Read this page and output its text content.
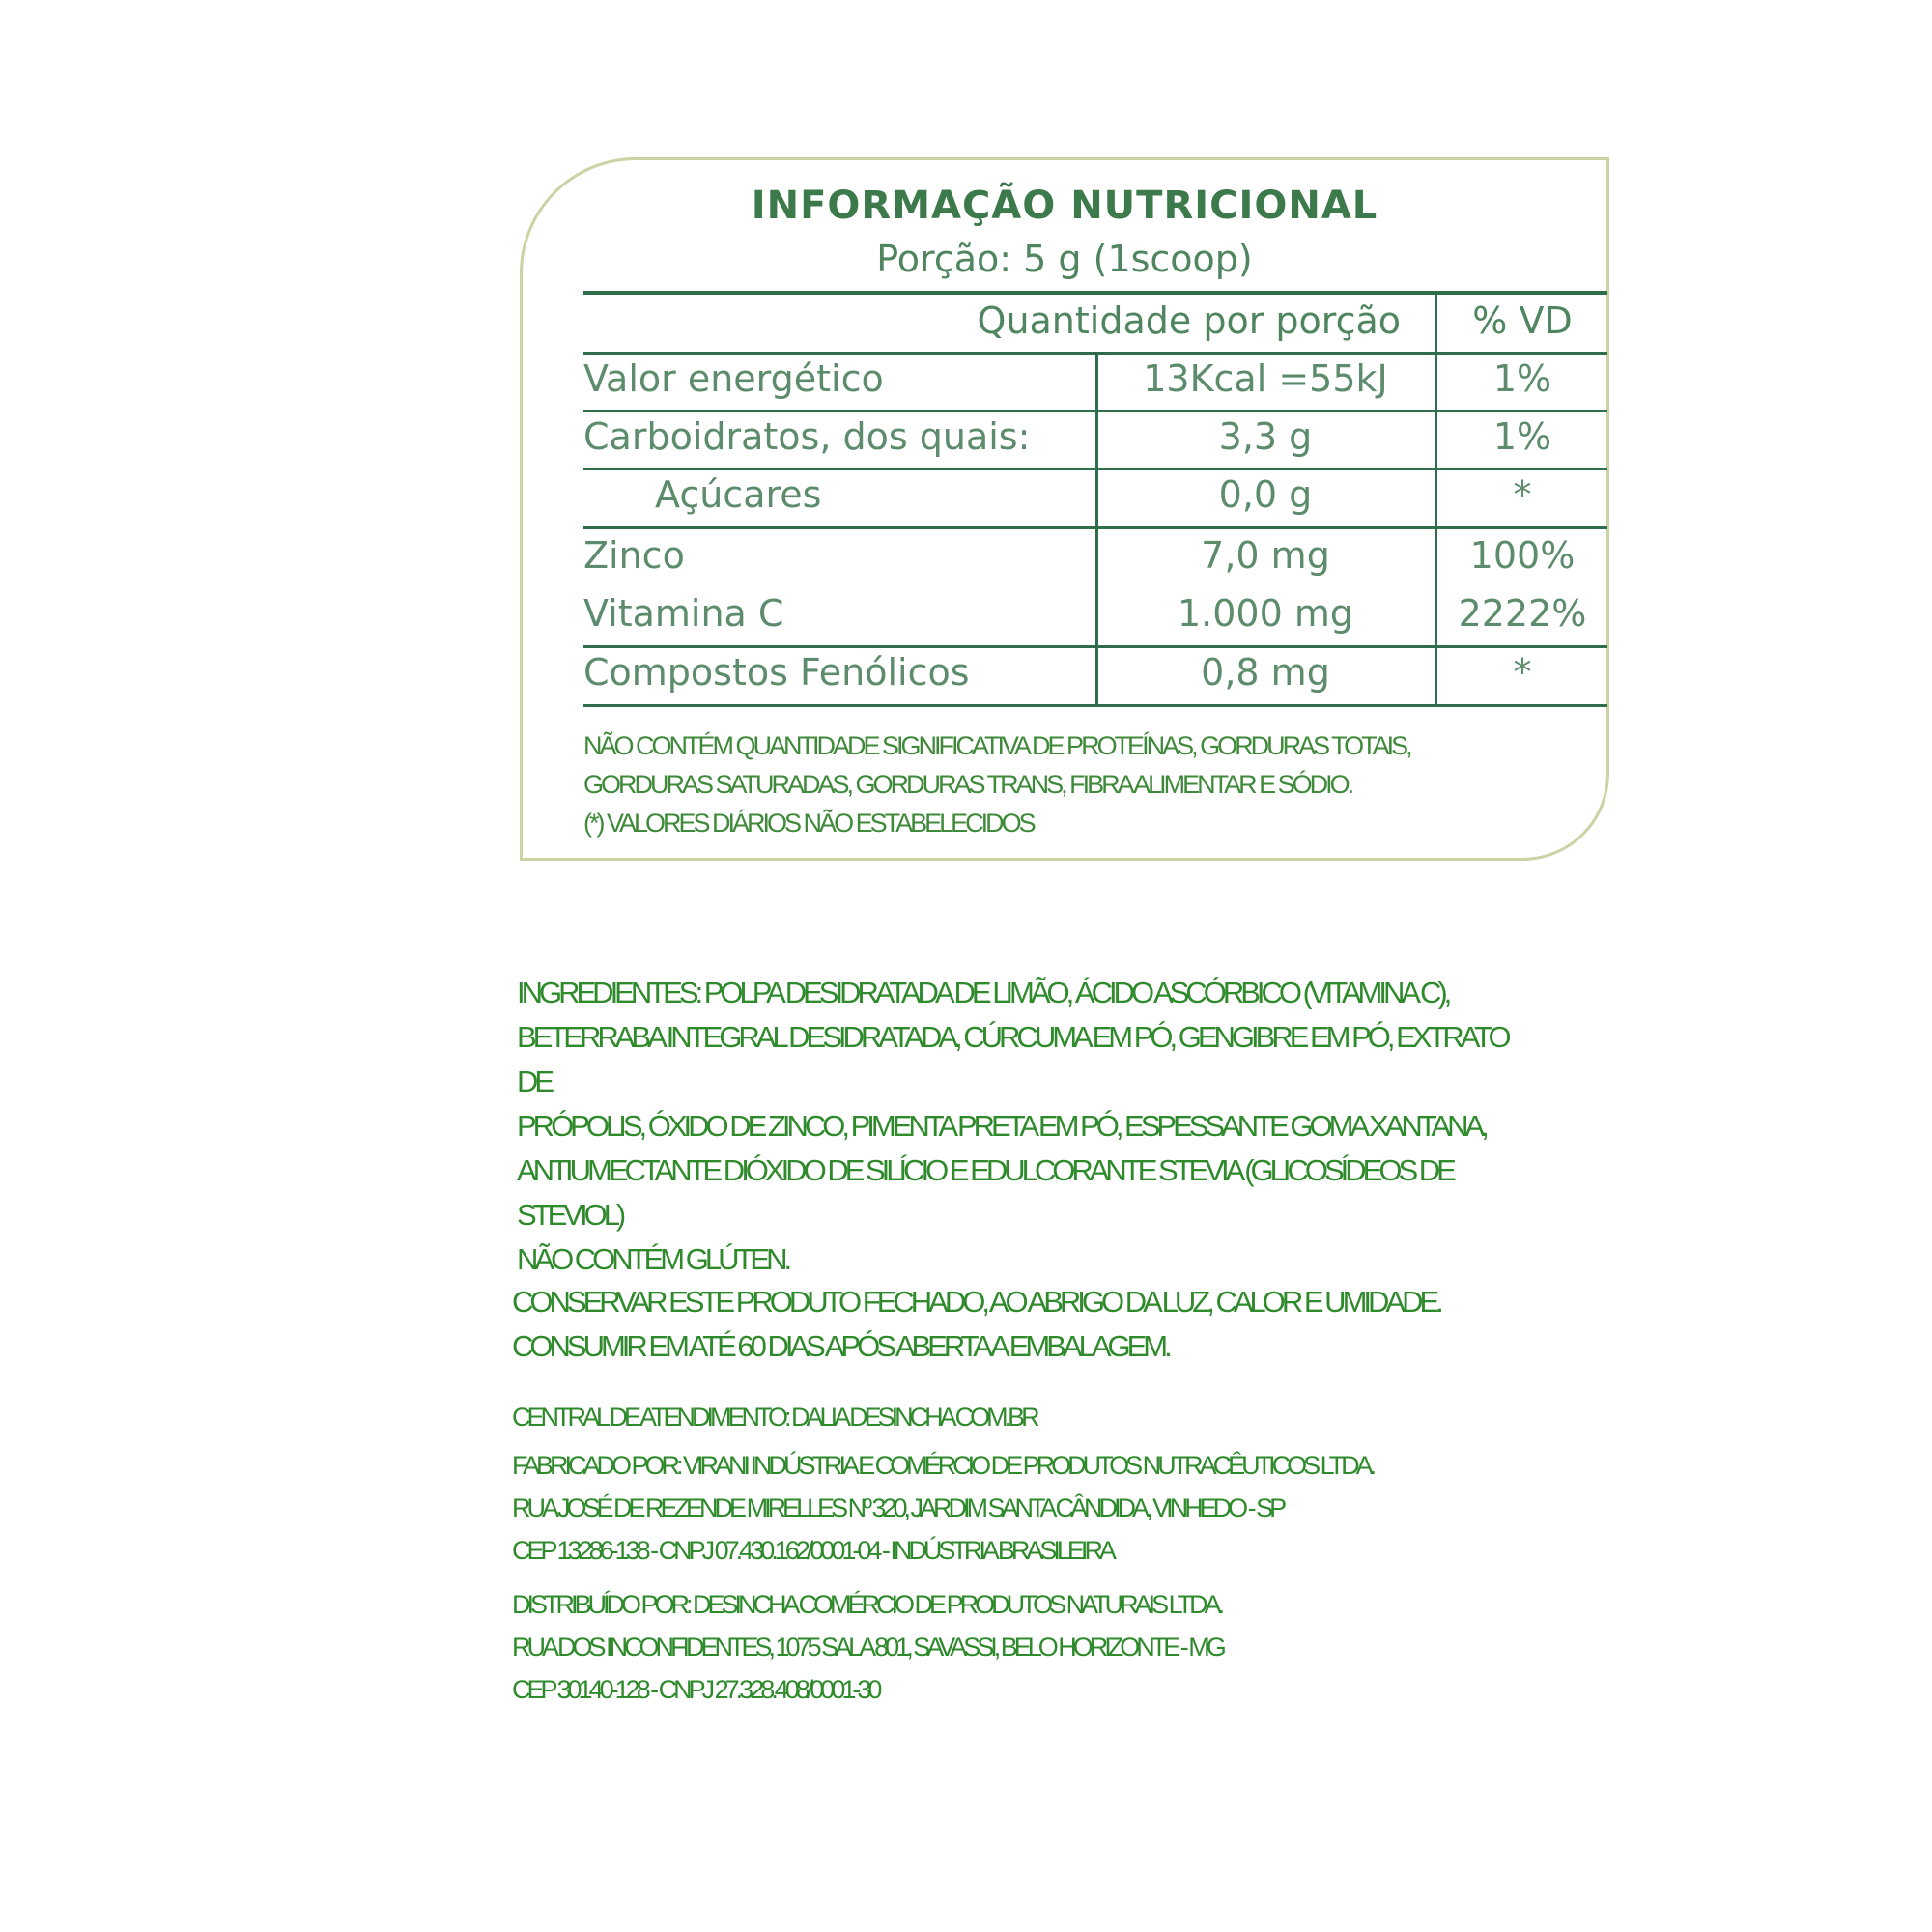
INFORMAÇÃO NUTRICIONAL
Porção: 5 g (1scoop)
Quantidade por porção	% VD
Valor energético	13Kcal =55kJ	1%
Carboidratos, dos quais:	3,3 g	1%
Açúcares	0,0 g	*
Zinco	7,0 mg	100%
Vitamina C	1.000 mg	2222%
Compostos Fenólicos	0,8 mg	*
NÃO CONTÉM QUANTIDADE SIGNIFICATIVA DE PROTEÍNAS, GORDURAS TOTAIS,
GORDURAS SATURADAS, GORDURAS TRANS, FIBRA ALIMENTAR E SÓDIO.
(*) VALORES DIÁRIOS NÃO ESTABELECIDOS

INGREDIENTES: POLPA DESIDRATADA DE LIMÃO, ÁCIDO ASCÓRBICO (VITAMINA C),

BETERRABA INTEGRAL DESIDRATADA, CÚRCUMA EM PÓ, GENGIBRE EM PÓ, EXTRATO DE

PRÓPOLIS, ÓXIDO DE ZINCO, PIMENTA PRETA EM PÓ, ESPESSANTE GOMA XANTANA,

ANTIUMECTANTE DIÓXIDO DE SILÍCIO E EDULCORANTE STEVIA (GLICOSÍDEOS DE STEVIOL)

NÃO CONTÉM GLÚTEN.

CONSERVAR ESTE PRODUTO FECHADO, AO ABRIGO DA LUZ, CALOR E UMIDADE.

CONSUMIR EM ATÉ 60 DIAS APÓS ABERTA A EMBALAGEM.

CENTRAL DE ATENDIMENTO: DALIA DESINCHA COM.BR

FABRICADO POR: VIRANI INDÚSTRIA E COMÉRCIO DE PRODUTOS NUTRACÊUTICOS LTDA.

RUA JOSÉ DE REZENDE MIRELLES Nº 320, JARDIM SANTA CÂNDIDA, VINHEDO - SP

CEP 13286-138 - CNPJ 07.430.162/0001-04 - INDÚSTRIA BRASILEIRA

DISTRIBUÍDO POR: DESINCHA COMÉRCIO DE PRODUTOS NATURAIS LTDA.

RUA DOS INCONFIDENTES, 1075 SALA 801, SAVASSI, BELO HORIZONTE - MG

CEP 30140-128 - CNPJ 27.328.408/0001-30
